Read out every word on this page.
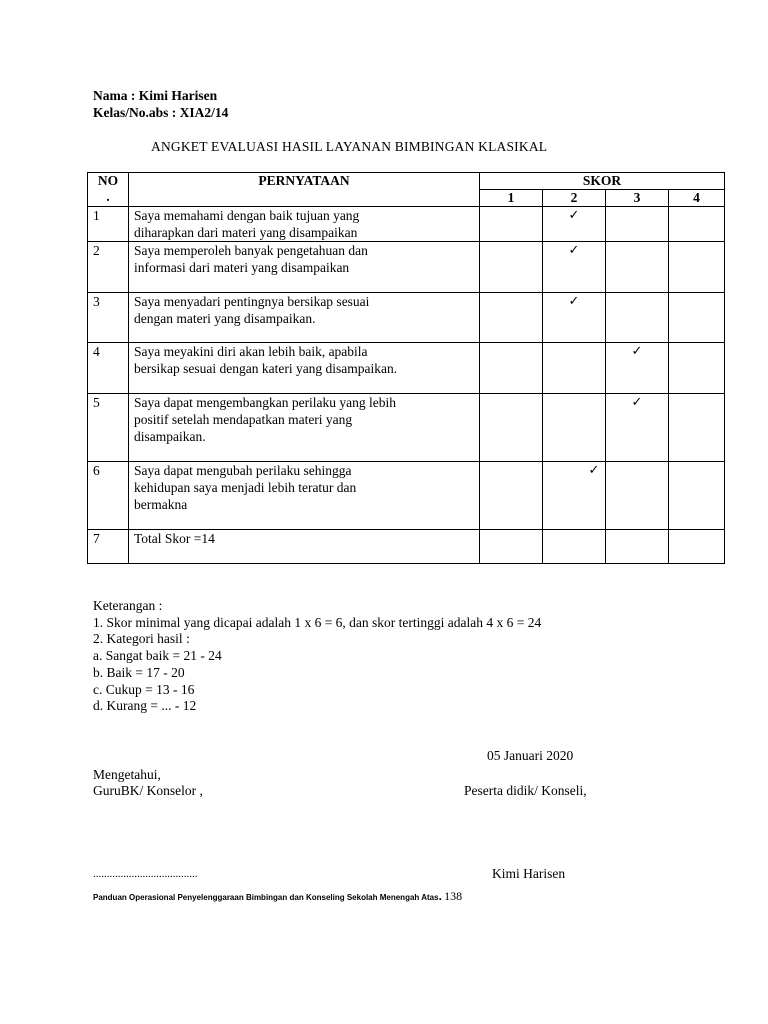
Nama : Kimi Harisen
Kelas/No.abs : XIA2/14
ANGKET EVALUASI HASIL LAYANAN BIMBINGAN KLASIKAL
NO
.	PERNYATAAN	SKOR			
		1	2	3	4
1	Saya memahami dengan baik tujuan yang
diharapkan dari materi yang disampaikan		✓		
2	Saya memperoleh banyak pengetahuan dan
informasi dari materi yang disampaikan		✓		
3	Saya menyadari pentingnya bersikap sesuai
dengan materi yang disampaikan.		✓		
4	Saya meyakini diri akan lebih baik, apabila
bersikap sesuai dengan kateri yang disampaikan.			✓	
5	Saya dapat mengembangkan perilaku yang lebih
positif setelah mendapatkan materi yang
disampaikan.			✓	
6	Saya dapat mengubah perilaku sehingga
kehidupan saya menjadi lebih teratur dan
bermakna		✓		
7	Total Skor =14				

Keterangan :
1. Skor minimal yang dicapai adalah 1 x 6 = 6, dan skor tertinggi adalah 4 x 6 = 24
2. Kategori hasil :
a. Sangat baik = 21 - 24
b. Baik = 17 - 20
c. Cukup = 13 - 16
d. Kurang = ... - 12
05 Januari 2020
Mengetahui,
GuruBK/ Konselor ,	Peserta didik/ Konseli,
......................................	Kimi Harisen
Panduan Operasional Penyelenggaraan Bimbingan dan Konseling Sekolah Menengah Atas. 138
